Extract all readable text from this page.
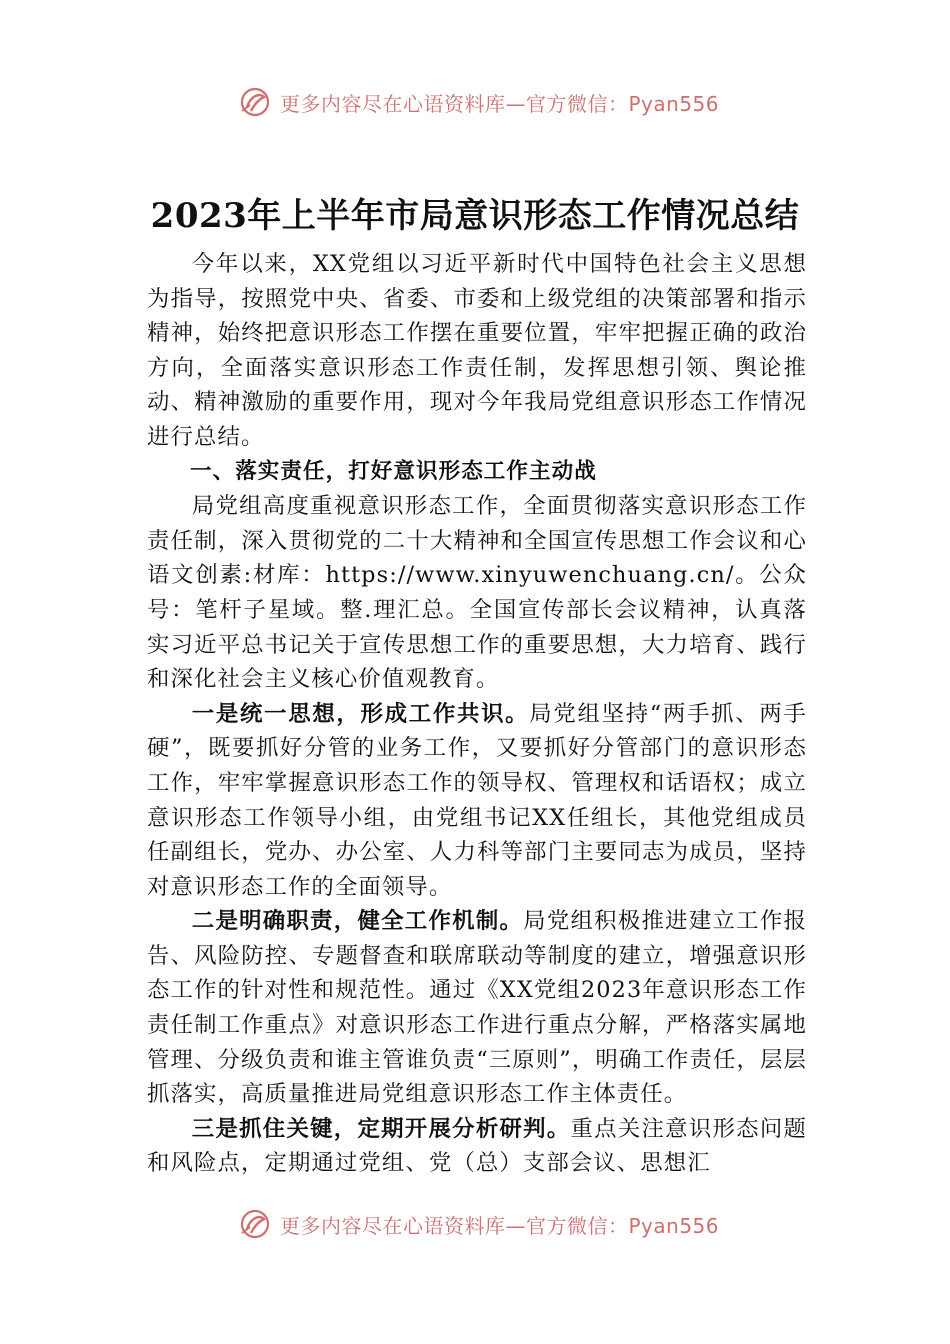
更多内容尽在心语资料库—官方微信：Pyan556
2023年上半年市局意识形态工作情况总结

今年以来，XX党组以习近平新时代中国特色社会主义思想为指导，按照党中央、省委、市委和上级党组的决策部署和指示精神，始终把意识形态工作摆在重要位置，牢牢把握正确的政治方向，全面落实意识形态工作责任制，发挥思想引领、舆论推动、精神激励的重要作用，现对今年我局党组意识形态工作情况进行总结。

一、落实责任，打好意识形态工作主动战

局党组高度重视意识形态工作，全面贯彻落实意识形态工作责任制，深入贯彻党的二十大精神和全国宣传思想工作会议和心语文创素:材库：https://www.xinyuwenchuang.cn/。公众号：笔杆子星域。整.理汇总。全国宣传部长会议精神，认真落实习近平总书记关于宣传思想工作的重要思想，大力培育、践行和深化社会主义核心价值观教育。

一是统一思想，形成工作共识。局党组坚持“两手抓、两手硬”，既要抓好分管的业务工作，又要抓好分管部门的意识形态工作，牢牢掌握意识形态工作的领导权、管理权和话语权；成立意识形态工作领导小组，由党组书记XX任组长，其他党组成员任副组长，党办、办公室、人力科等部门主要同志为成员，坚持对意识形态工作的全面领导。

二是明确职责，健全工作机制。局党组积极推进建立工作报告、风险防控、专题督查和联席联动等制度的建立，增强意识形态工作的针对性和规范性。通过《XX党组2023年意识形态工作责任制工作重点》对意识形态工作进行重点分解，严格落实属地管理、分级负责和谁主管谁负责“三原则”，明确工作责任，层层抓落实，高质量推进局党组意识形态工作主体责任。

三是抓住关键，定期开展分析研判。重点关注意识形态问题和风险点，定期通过党组、党（总）支部会议、思想汇

更多内容尽在心语资料库—官方微信：Pyan556
